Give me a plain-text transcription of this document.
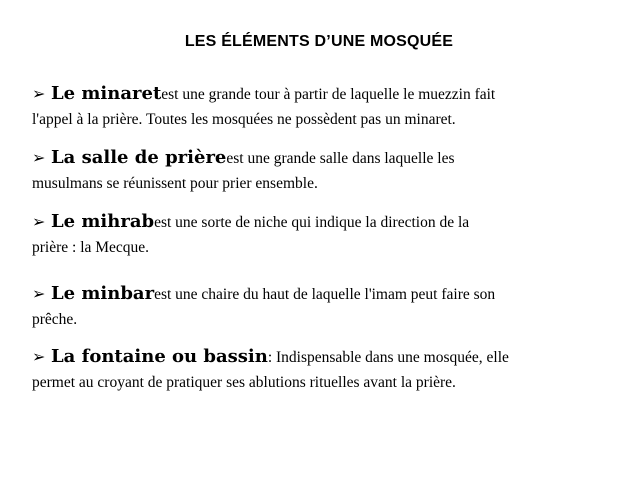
LES ÉLÉMENTS D’UNE MOSQUÉE
➢ Le minaret est une grande tour à partir de laquelle le muezzin fait
l'appel à la prière. Toutes les mosquées ne possèdent pas un minaret.
➢ La salle de prière est une grande salle dans laquelle les
musulmans se réunissent pour prier ensemble.
➢ Le mihrab est une sorte de niche qui indique la direction de la
prière : la Mecque.
➢ Le minbar est une chaire du haut de laquelle l'imam peut faire son
prêche.
➢ La fontaine ou bassin : Indispensable dans une mosquée, elle
permet au croyant de pratiquer ses ablutions rituelles avant la prière.
